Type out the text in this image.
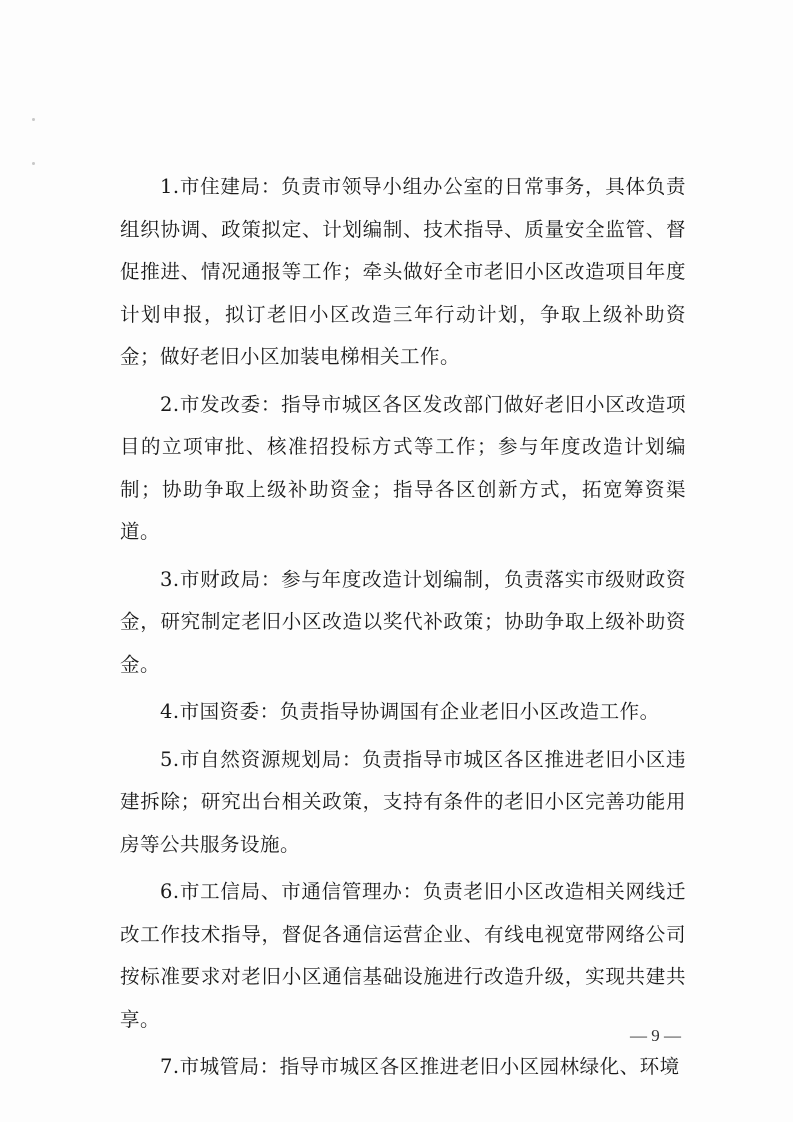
1.市住建局：负责市领导小组办公室的日常事务，具体负责组织协调、政策拟定、计划编制、技术指导、质量安全监管、督促推进、情况通报等工作；牵头做好全市老旧小区改造项目年度计划申报，拟订老旧小区改造三年行动计划，争取上级补助资金；做好老旧小区加装电梯相关工作。

2.市发改委：指导市城区各区发改部门做好老旧小区改造项目的立项审批、核准招投标方式等工作；参与年度改造计划编制；协助争取上级补助资金；指导各区创新方式，拓宽筹资渠道。

3.市财政局：参与年度改造计划编制，负责落实市级财政资金，研究制定老旧小区改造以奖代补政策；协助争取上级补助资金。

4.市国资委：负责指导协调国有企业老旧小区改造工作。

5.市自然资源规划局：负责指导市城区各区推进老旧小区违建拆除；研究出台相关政策，支持有条件的老旧小区完善功能用房等公共服务设施。

6.市工信局、市通信管理办：负责老旧小区改造相关网线迁改工作技术指导，督促各通信运营企业、有线电视宽带网络公司按标准要求对老旧小区通信基础设施进行改造升级，实现共建共享。

7.市城管局：指导市城区各区推进老旧小区园林绿化、环境

— 9 —
